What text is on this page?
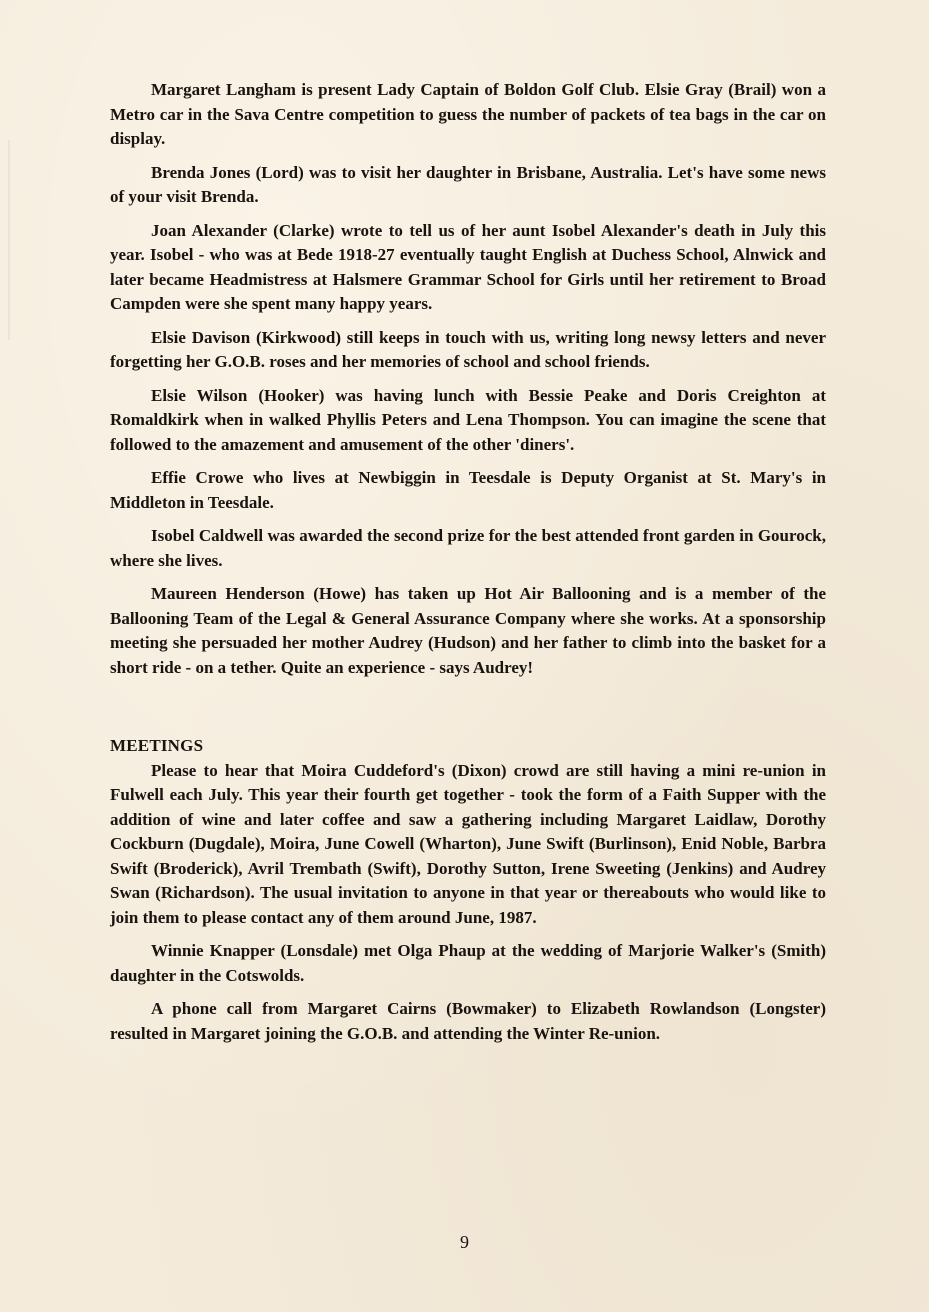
Margaret Langham is present Lady Captain of Boldon Golf Club. Elsie Gray (Brail) won a Metro car in the Sava Centre competition to guess the number of packets of tea bags in the car on display.

Brenda Jones (Lord) was to visit her daughter in Brisbane, Australia. Let's have some news of your visit Brenda.

Joan Alexander (Clarke) wrote to tell us of her aunt Isobel Alexander's death in July this year. Isobel - who was at Bede 1918-27 eventually taught English at Duchess School, Alnwick and later became Headmistress at Halsmere Grammar School for Girls until her retirement to Broad Campden were she spent many happy years.

Elsie Davison (Kirkwood) still keeps in touch with us, writing long newsy letters and never forgetting her G.O.B. roses and her memories of school and school friends.

Elsie Wilson (Hooker) was having lunch with Bessie Peake and Doris Creighton at Romaldkirk when in walked Phyllis Peters and Lena Thompson. You can imagine the scene that followed to the amazement and amusement of the other 'diners'.

Effie Crowe who lives at Newbiggin in Teesdale is Deputy Organist at St. Mary's in Middleton in Teesdale.

Isobel Caldwell was awarded the second prize for the best attended front garden in Gourock, where she lives.

Maureen Henderson (Howe) has taken up Hot Air Ballooning and is a member of the Ballooning Team of the Legal & General Assurance Company where she works. At a sponsorship meeting she persuaded her mother Audrey (Hudson) and her father to climb into the basket for a short ride - on a tether. Quite an experience - says Audrey!

MEETINGS

Please to hear that Moira Cuddeford's (Dixon) crowd are still having a mini re-union in Fulwell each July. This year their fourth get together - took the form of a Faith Supper with the addition of wine and later coffee and saw a gathering including Margaret Laidlaw, Dorothy Cockburn (Dugdale), Moira, June Cowell (Wharton), June Swift (Burlinson), Enid Noble, Barbra Swift (Broderick), Avril Trembath (Swift), Dorothy Sutton, Irene Sweeting (Jenkins) and Audrey Swan (Richardson). The usual invitation to anyone in that year or thereabouts who would like to join them to please contact any of them around June, 1987.

Winnie Knapper (Lonsdale) met Olga Phaup at the wedding of Marjorie Walker's (Smith) daughter in the Cotswolds.

A phone call from Margaret Cairns (Bowmaker) to Elizabeth Rowlandson (Longster) resulted in Margaret joining the G.O.B. and attending the Winter Re-union.

9
